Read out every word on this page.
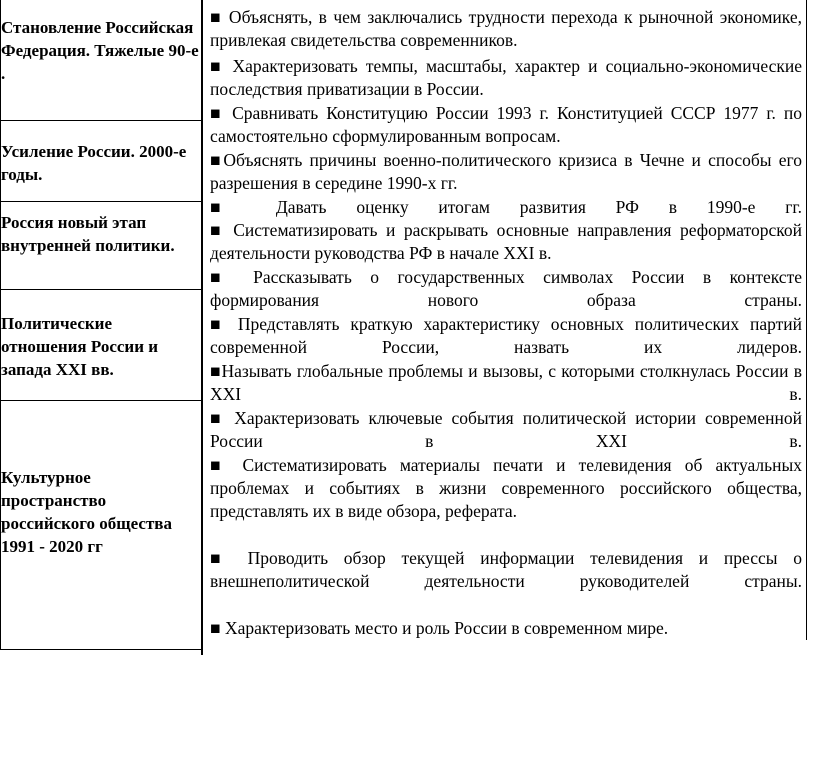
Становление Российская Федерация. Тяжелые 90-е .
Усиление России. 2000-е годы.
Россия новый этап внутренней политики.
Политические отношения России и запада XXI вв.
Культурное пространство российского общества 1991 - 2020 гг
■ Объяснять, в чем заключались трудности перехода к рыночной экономике, привлекая свидетельства современников.
■ Характеризовать темпы, масштабы, характер и социально-экономические последствия приватизации в России.
■ Сравнивать Конституцию России 1993 г. Конституцией СССР 1977 г. по самостоятельно сформулированным вопросам.
■Объяснять причины военно-политического кризиса в Чечне и способы его разрешения в середине 1990-х гг.
■ Давать оценку итогам развития РФ в 1990-е гг.
■ Систематизировать и раскрывать основные направления реформаторской деятельности руководства РФ в начале XXI в.
■ Рассказывать о государственных символах России в контексте формирования нового образа страны.
■ Представлять краткую характеристику основных политических партий современной России, назвать их лидеров.
■Называть глобальные проблемы и вызовы, с которыми столкнулась России в XXI в.
■ Характеризовать ключевые события политической истории современной России в XXI в.
■ Систематизировать материалы печати и телевидения об актуальных проблемах и событиях в жизни современного российского общества, представлять их в виде обзора, реферата.
■ Проводить обзор текущей информации телевидения и прессы о внешнеполитической деятельности руководителей страны.
■ Характеризовать место и роль России в современном мире.
